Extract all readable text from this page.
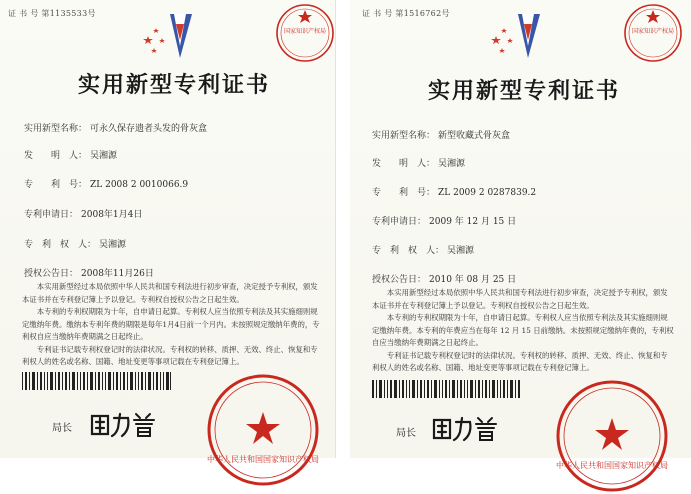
证 书 号 第1135533号
国家知识产权局
实用新型专利证书
实用新型名称： 可永久保存遗者头发的骨灰盒
发　　明　人： 吴湘源
专　　利　号： ZL 2008 2 0010066.9
专利申请日： 2008年1月4日
专　利　权　人： 吴湘源
授权公告日： 2008年11月26日

本实用新型经过本局依照中华人民共和国专利法进行初步审查，决定授予专利权，颁发本证书并在专利登记簿上予以登记。专利权自授权公告之日起生效。

本专利的专利权期限为十年，自申请日起算。专利权人应当依照专利法及其实施细则规定缴纳年费。缴纳本专利年费的期限是每年1月4日前一个月内。未按照规定缴纳年费的，专利权自应当缴纳年费期满之日起终止。

专利证书记载专利权登记时的法律状况。专利权的转移、质押、无效、终止、恢复和专利权人的姓名或名称、国籍、地址变更等事项记载在专利登记簿上。

局长
中华人民共和国国家知识产权局
证 书 号 第1516762号
国家知识产权局
实用新型专利证书
实用新型名称： 新型收藏式骨灰盒
发　　明　人： 吴湘源
专　　利　号： ZL 2009 2 0287839.2
专利申请日： 2009 年 12 月 15 日
专　利　权　人： 吴湘源
授权公告日： 2010 年 08 月 25 日

本实用新型经过本局依照中华人民共和国专利法进行初步审查，决定授予专利权，颁发本证书并在专利登记簿上予以登记。专利权自授权公告之日起生效。

本专利的专利权期限为十年，自申请日起算。专利权人应当依照专利法及其实施细则规定缴纳年费。本专利的年费应当在每年 12 月 15 日前缴纳。未按照规定缴纳年费的，专利权自应当缴纳年费期满之日起终止。

专利证书记载专利权登记时的法律状况。专利权的转移、质押、无效、终止、恢复和专利权人的姓名或名称、国籍、地址变更等事项记载在专利登记簿上。

局长
中华人民共和国国家知识产权局
